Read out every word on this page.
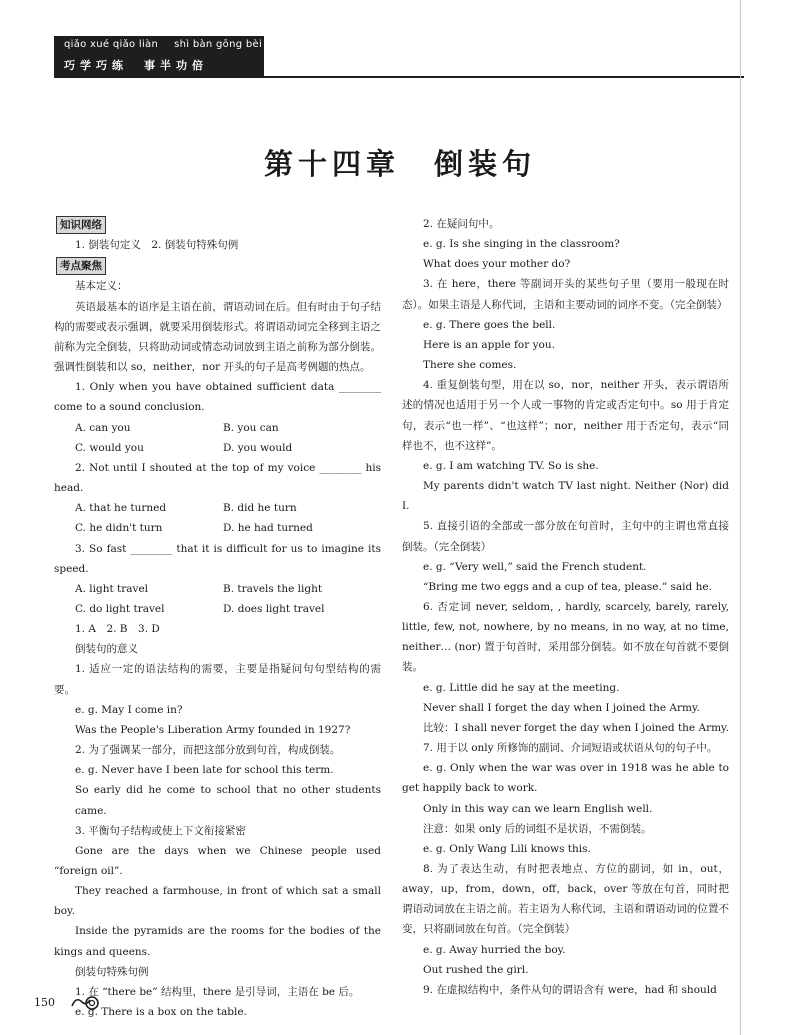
qiǎo xué qiǎo liàn shì bàn gōng bèi
巧学巧练 事半功倍
第十四章　倒装句
知识网络

1. 倒装句定义　2. 倒装句特殊句例

考点聚焦

基本定义：

英语最基本的语序是主语在前，谓语动词在后。但有时由于句子结构的需要或表示强调，就要采用倒装形式。将谓语动词完全移到主语之前称为完全倒装，只将助动词或情态动词放到主语之前称为部分倒装。强调性倒装和以 so，neither，nor 开头的句子是高考例题的热点。

1. Only when you have obtained sufficient data ________ come to a sound conclusion.

A. can you	B. you can
C. would you	D. you would

2. Not until I shouted at the top of my voice ________ his head.

A. that he turned	B. did he turn
C. he didn't turn	D. he had turned

3. So fast ________ that it is difficult for us to imagine its speed.

A. light travel	B. travels the light
C. do light travel	D. does light travel

1. A　2. B　3. D

倒装句的意义

1. 适应一定的语法结构的需要，主要是指疑问句句型结构的需要。

e. g. May I come in?

Was the People's Liberation Army founded in 1927?

2. 为了强调某一部分，而把这部分放到句首，构成倒装。

e. g. Never have I been late for school this term.

So early did he come to school that no other students came.

3. 平衡句子结构或使上下文衔接紧密

Gone are the days when we Chinese people used “foreign oil”.

They reached a farmhouse, in front of which sat a small boy.

Inside the pyramids are the rooms for the bodies of the kings and queens.

倒装句特殊句例

1. 在 “there be” 结构里，there 是引导词，主语在 be 后。

e. g. There is a box on the table.

2. 在疑问句中。

e. g. Is she singing in the classroom?

What does your mother do?

3. 在 here，there 等副词开头的某些句子里（要用一般现在时态）。如果主语是人称代词，主语和主要动词的词序不变。（完全倒装）

e. g. There goes the bell.

Here is an apple for you.

There she comes.

4. 重复倒装句型，用在以 so，nor，neither 开头，表示谓语所述的情况也适用于另一个人或一事物的肯定或否定句中。so 用于肯定句，表示“也一样”、“也这样”；nor，neither 用于否定句，表示“同样也不，也不这样”。

e. g. I am watching TV. So is she.

My parents didn't watch TV last night. Neither (Nor) did I.

5. 直接引语的全部或一部分放在句首时，主句中的主谓也常直接倒装。（完全倒装）

e. g. “Very well,” said the French student.

“Bring me two eggs and a cup of tea, please.” said he.

6. 否定词 never, seldom, , hardly, scarcely, barely, rarely, little, few, not, nowhere, by no means, in no way, at no time, neither… (nor) 置于句首时，采用部分倒装。如不放在句首就不要倒装。

e. g. Little did he say at the meeting.

Never shall I forget the day when I joined the Army.

比较：I shall never forget the day when I joined the Army.

7. 用于以 only 所修饰的副词、介词短语或状语从句的句子中。

e. g. Only when the war was over in 1918 was he able to get happily back to work.

Only in this way can we learn English well.

注意：如果 only 后的词组不是状语，不需倒装。

e. g. Only Wang Lili knows this.

8. 为了表达生动，有时把表地点、方位的副词，如 in，out，away，up，from，down，off，back，over 等放在句首，同时把谓语动词放在主语之前。若主语为人称代词，主语和谓语动词的位置不变，只将副词放在句首。（完全倒装）

e. g. Away hurried the boy.

Out rushed the girl.

9. 在虚拟结构中，条件从句的谓语含有 were，had 和 should

150
